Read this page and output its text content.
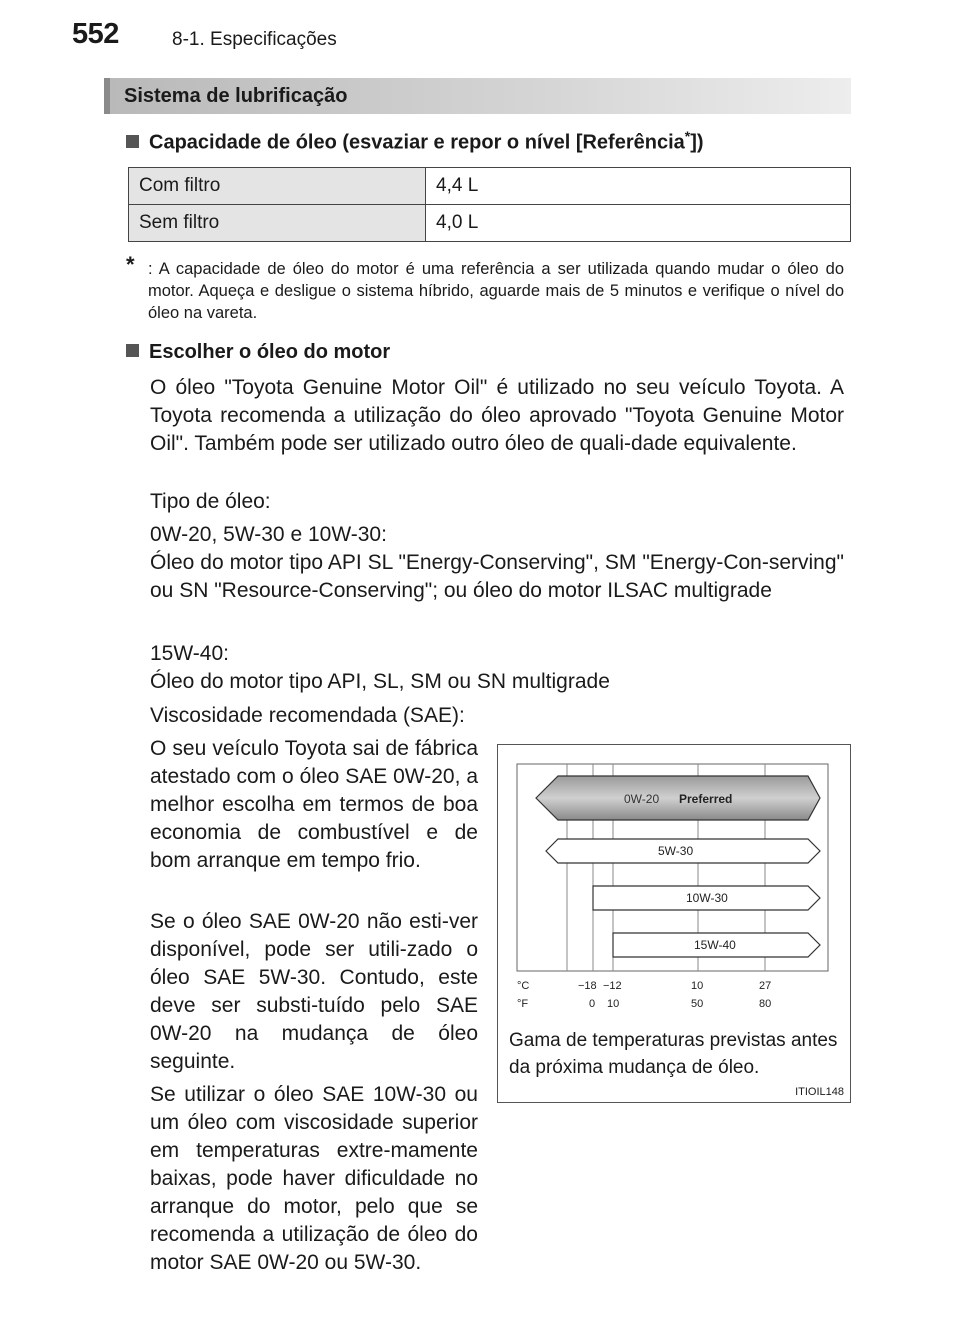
552	8-1. Especificações
Sistema de lubrificação
Capacidade de óleo (esvaziar e repor o nível [Referência*])
Com filtro	4,4 L
Sem filtro	4,0 L
* : A capacidade de óleo do motor é uma referência a ser utilizada quando mudar o óleo do motor. Aqueça e desligue o sistema híbrido, aguarde mais de 5 minutos e verifique o nível do óleo na vareta.
Escolher o óleo do motor
O óleo "Toyota Genuine Motor Oil" é utilizado no seu veículo Toyota. A Toyota recomenda a utilização do óleo aprovado "Toyota Genuine Motor Oil". Também pode ser utilizado outro óleo de quali-dade equivalente.
Tipo de óleo:
0W-20, 5W-30 e 10W-30:
Óleo do motor tipo API SL "Energy-Conserving", SM "Energy-Con-serving" ou SN "Resource-Conserving"; ou óleo do motor ILSAC multigrade
15W-40:
Óleo do motor tipo API, SL, SM ou SN multigrade
Viscosidade recomendada (SAE):
O seu veículo Toyota sai de fábrica atestado com o óleo SAE 0W-20, a melhor escolha em termos de boa economia de combustível e de bom arranque em tempo frio.
Se o óleo SAE 0W-20 não esti-ver disponível, pode ser utili-zado o óleo SAE 5W-30. Contudo, este deve ser substi-tuído pelo SAE 0W-20 na mudança de óleo seguinte.
Se utilizar o óleo SAE 10W-30 ou um óleo com viscosidade superior em temperaturas extre-mamente baixas, pode haver dificuldade no arranque do motor, pelo que se recomenda a utilização de óleo do motor SAE 0W-20 ou 5W-30.
0W-20 Preferred
5W-30
10W-30
15W-40
°C
°F
−18 −12	10	27
0 10	50	80
Gama de temperaturas previstas antes da próxima mudança de óleo.
ITIOIL148
